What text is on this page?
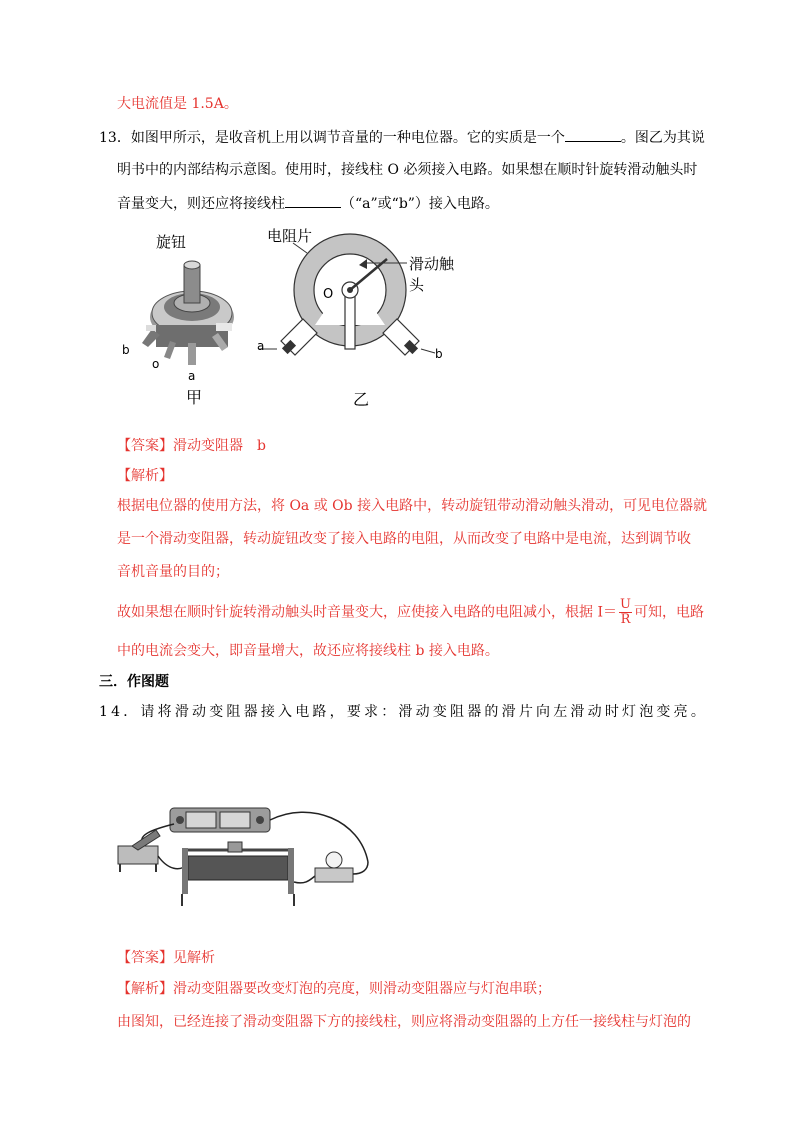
大电流值是 1.5A。
13．如图甲所示，是收音机上用以调节音量的一种电位器。它的实质是一个	。图乙为其说
明书中的内部结构示意图。使用时，接线柱 O 必须接入电路。如果想在顺时针旋转滑动触头时
音量变大，则还应将接线柱	（“a”或“b”）接入电路。
旋钮
b
o
a
甲
电阻片
滑动触头
O
a
b
乙
【答案】滑动变阻器　b
【解析】
根据电位器的使用方法，将 Oa 或 Ob 接入电路中，转动旋钮带动滑动触头滑动，可见电位器就
是一个滑动变阻器，转动旋钮改变了接入电路的电阻，从而改变了电路中是电流，达到调节收
音机音量的目的；
故如果想在顺时针旋转滑动触头时音量变大，应使接入电路的电阻减小，根据 $I= \frac{U}{R}$ 可知，电路
中的电流会变大，即音量增大，故还应将接线柱 b 接入电路。
三．作图题
14．请将滑动变阻器接入电路，要求：滑动变阻器的滑片向左滑动时灯泡变亮。
【答案】见解析
【解析】滑动变阻器要改变灯泡的亮度，则滑动变阻器应与灯泡串联；
由图知，已经连接了滑动变阻器下方的接线柱，则应将滑动变阻器的上方任一接线柱与灯泡的
